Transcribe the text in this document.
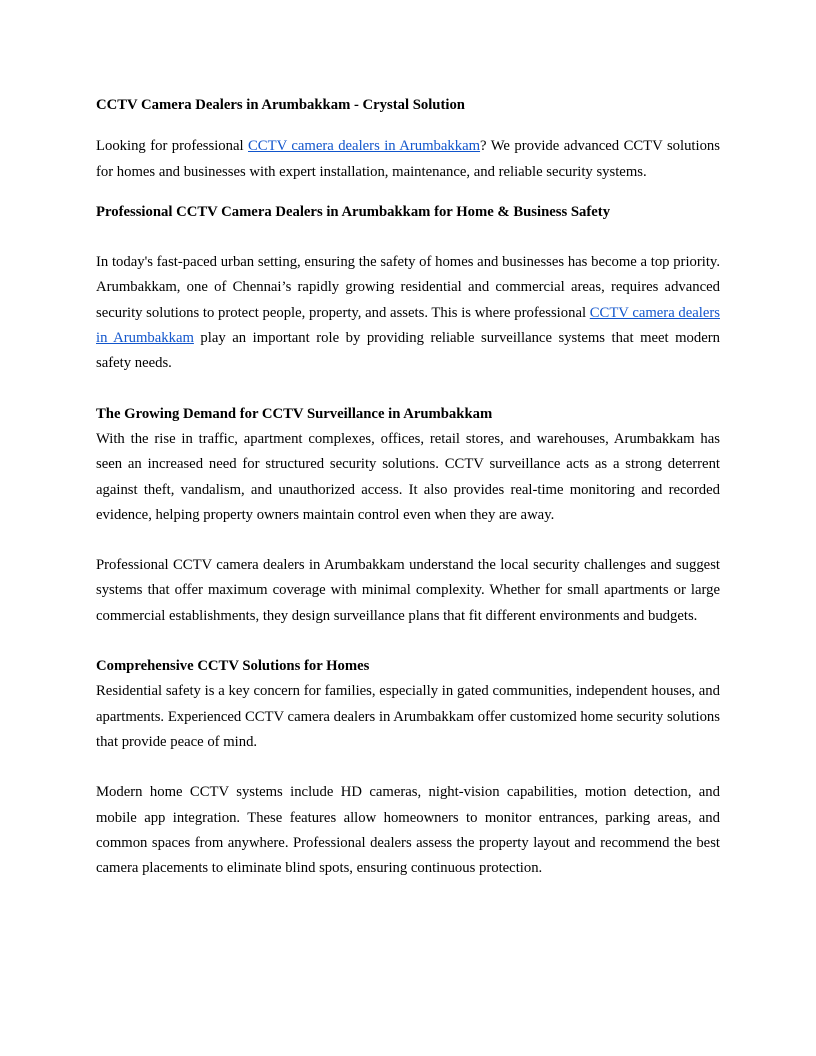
CCTV Camera Dealers in Arumbakkam - Crystal Solution

Looking for professional CCTV camera dealers in Arumbakkam? We provide advanced CCTV solutions for homes and businesses with expert installation, maintenance, and reliable security systems.

Professional CCTV Camera Dealers in Arumbakkam for Home & Business Safety

In today's fast-paced urban setting, ensuring the safety of homes and businesses has become a top priority. Arumbakkam, one of Chennai’s rapidly growing residential and commercial areas, requires advanced security solutions to protect people, property, and assets. This is where professional CCTV camera dealers in Arumbakkam play an important role by providing reliable surveillance systems that meet modern safety needs.

The Growing Demand for CCTV Surveillance in Arumbakkam

With the rise in traffic, apartment complexes, offices, retail stores, and warehouses, Arumbakkam has seen an increased need for structured security solutions. CCTV surveillance acts as a strong deterrent against theft, vandalism, and unauthorized access. It also provides real-time monitoring and recorded evidence, helping property owners maintain control even when they are away.

Professional CCTV camera dealers in Arumbakkam understand the local security challenges and suggest systems that offer maximum coverage with minimal complexity. Whether for small apartments or large commercial establishments, they design surveillance plans that fit different environments and budgets.

Comprehensive CCTV Solutions for Homes

Residential safety is a key concern for families, especially in gated communities, independent houses, and apartments. Experienced CCTV camera dealers in Arumbakkam offer customized home security solutions that provide peace of mind.

Modern home CCTV systems include HD cameras, night-vision capabilities, motion detection, and mobile app integration. These features allow homeowners to monitor entrances, parking areas, and common spaces from anywhere. Professional dealers assess the property layout and recommend the best camera placements to eliminate blind spots, ensuring continuous protection.
